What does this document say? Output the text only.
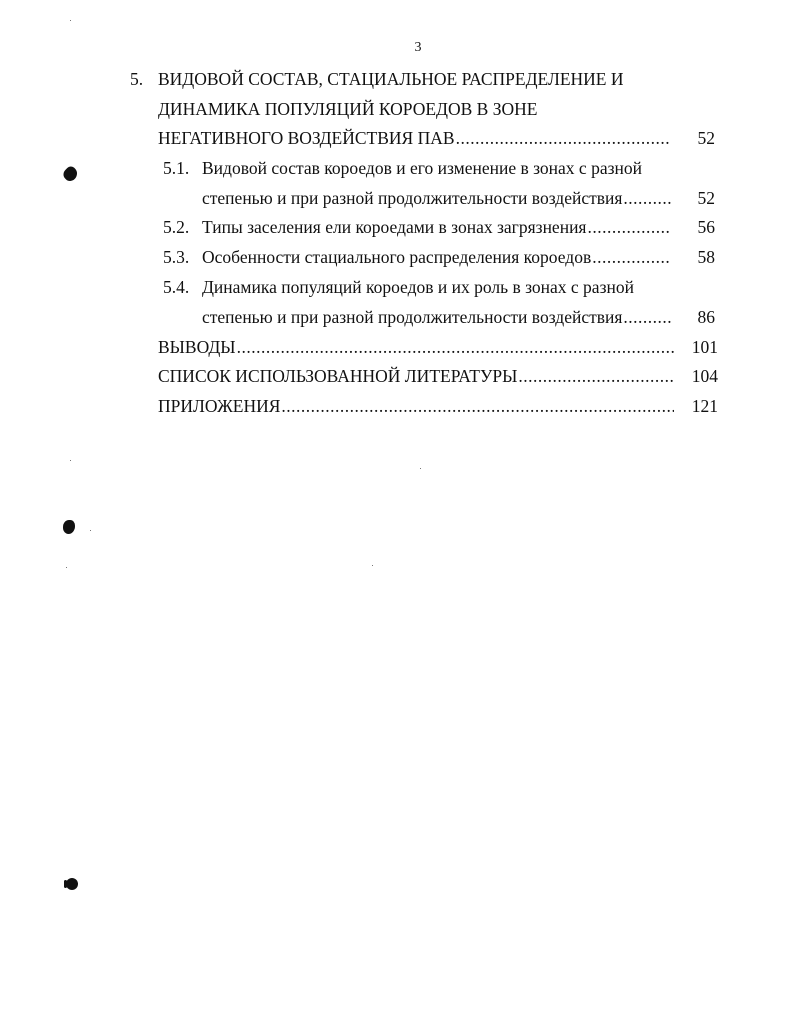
3
5. ВИДОВОЙ СОСТАВ, СТАЦИАЛЬНОЕ РАСПРЕДЕЛЕНИЕ И
ДИНАМИКА ПОПУЛЯЦИЙ КОРОЕДОВ В ЗОНЕ
НЕГАТИВНОГО ВОЗДЕЙСТВИЯ ПАВ .....	52
5.1. Видовой состав короедов и его изменение в зонах с разной
степенью и при разной продолжительности воздействия .....	52
5.2. Типы заселения ели короедами в зонах загрязнения .....	56
5.3. Особенности стациального распределения короедов .....	58
5.4. Динамика популяций короедов и их роль в зонах с разной
степенью и при разной продолжительности воздействия .....	86
ВЫВОДЫ .....	101
СПИСОК ИСПОЛЬЗОВАННОЙ ЛИТЕРАТУРЫ .....	104
ПРИЛОЖЕНИЯ .....	121
